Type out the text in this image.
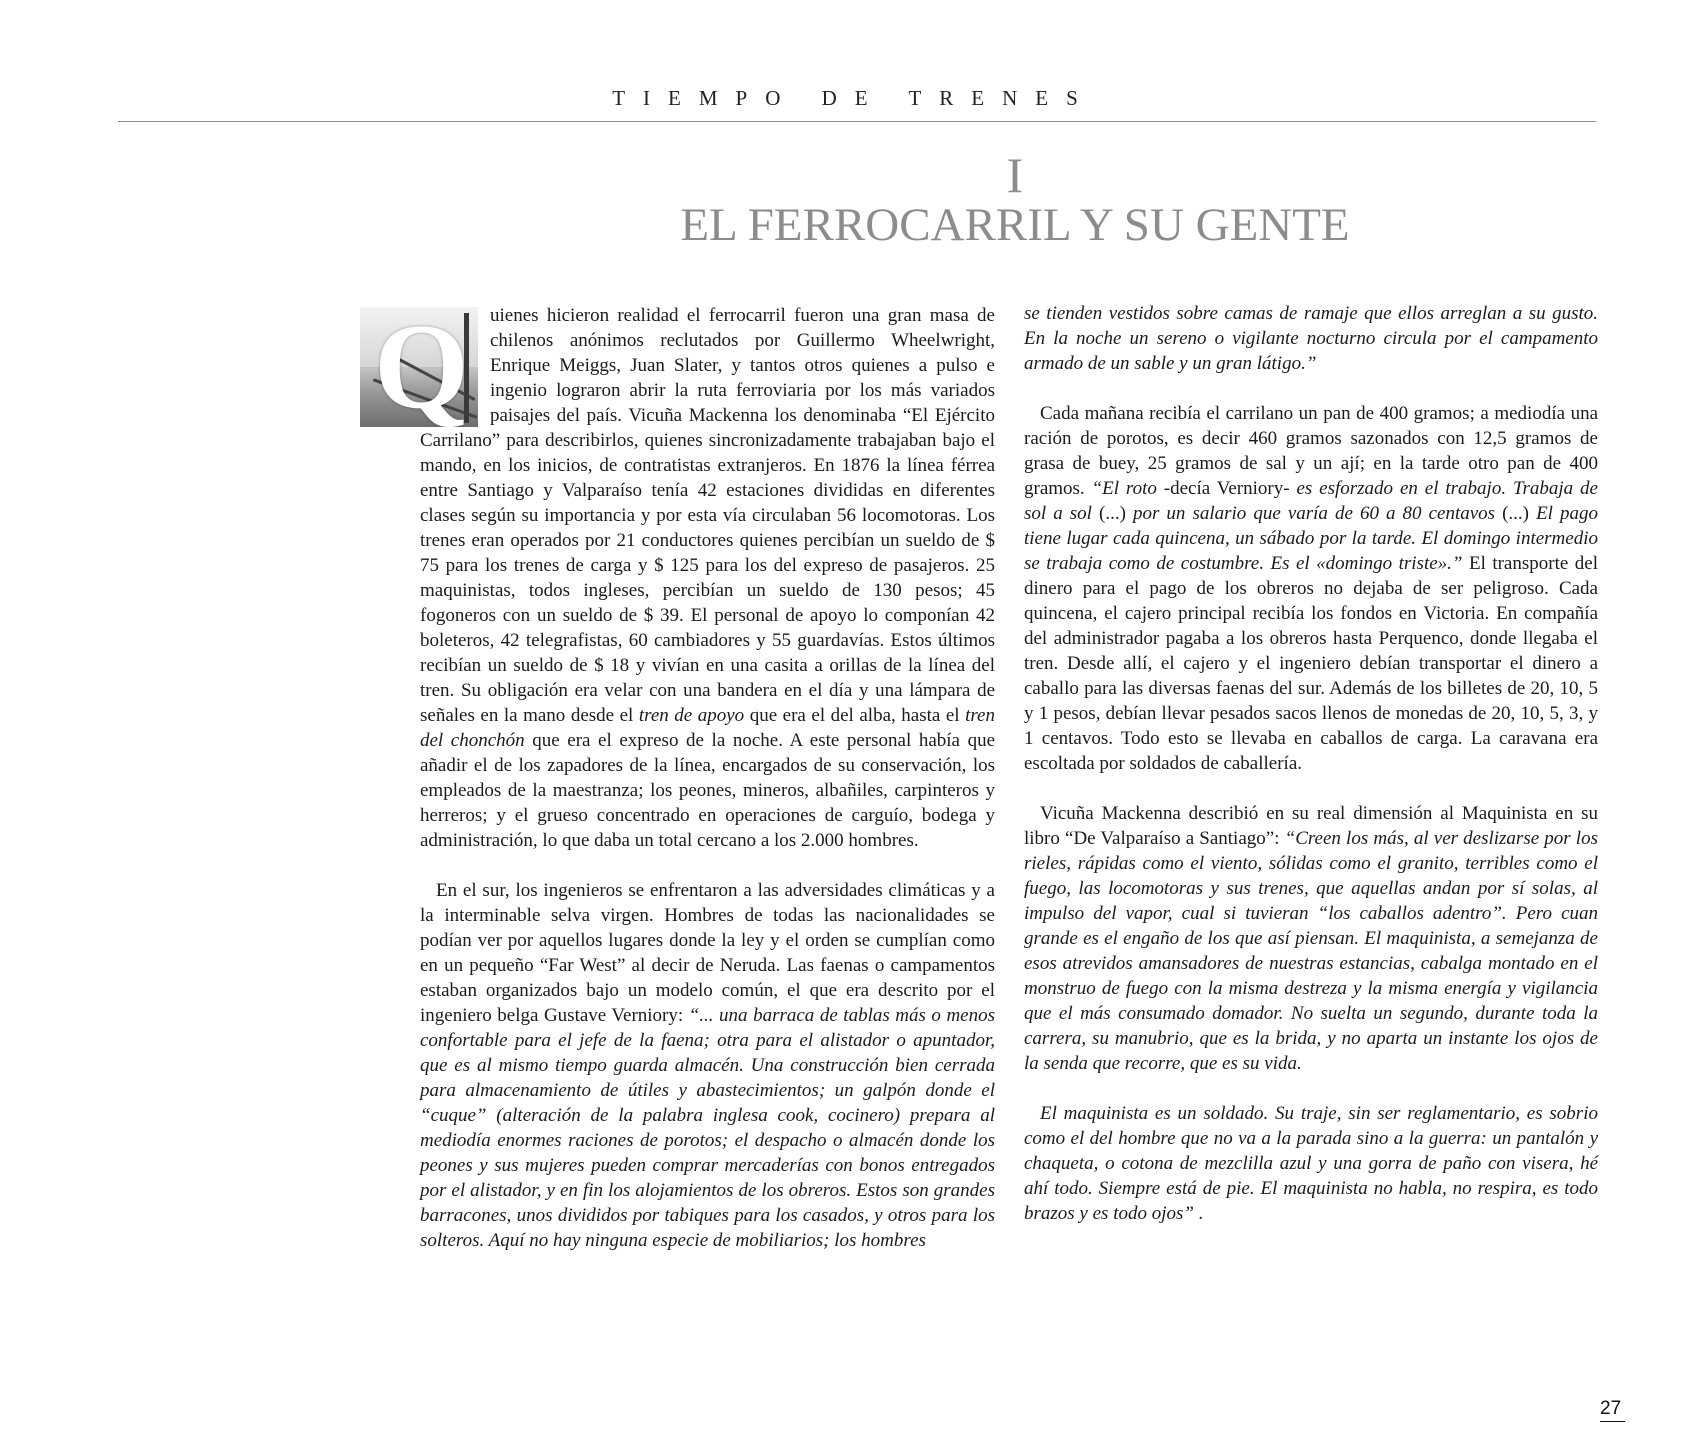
TIEMPO DE TRENES
I
EL FERROCARRIL Y SU GENTE

Q uienes hicieron realidad el ferrocarril fueron una gran masa de chilenos anónimos reclutados por Guillermo Wheelwright, Enrique Meiggs, Juan Slater, y tantos otros quienes a pulso e ingenio lograron abrir la ruta ferroviaria por los más variados paisajes del país. Vicuña Mackenna los denominaba “El Ejército Carrilano” para describirlos, quienes sincronizadamente trabajaban bajo el mando, en los inicios, de contratistas extranjeros. En 1876 la línea férrea entre Santiago y Valparaíso tenía 42 estaciones divididas en diferentes clases según su importancia y por esta vía circulaban 56 locomotoras. Los trenes eran operados por 21 conductores quienes percibían un sueldo de $ 75 para los trenes de carga y $ 125 para los del expreso de pasajeros. 25 maquinistas, todos ingleses, percibían un sueldo de 130 pesos; 45 fogoneros con un sueldo de $ 39. El personal de apoyo lo componían 42 boleteros, 42 telegrafistas, 60 cambiadores y 55 guardavías. Estos últimos recibían un sueldo de $ 18 y vivían en una casita a orillas de la línea del tren. Su obligación era velar con una bandera en el día y una lámpara de señales en la mano desde el tren de apoyo que era el del alba, hasta el tren del chonchón que era el expreso de la noche. A este personal había que añadir el de los zapadores de la línea, encargados de su conservación, los empleados de la maestranza; los peones, mineros, albañiles, carpinteros y herreros; y el grueso concentrado en operaciones de carguío, bodega y administración, lo que daba un total cercano a los 2.000 hombres.

En el sur, los ingenieros se enfrentaron a las adversidades climáticas y a la interminable selva virgen. Hombres de todas las nacionalidades se podían ver por aquellos lugares donde la ley y el orden se cumplían como en un pequeño “Far West” al decir de Neruda. Las faenas o campamentos estaban organizados bajo un modelo común, el que era descrito por el ingeniero belga Gustave Verniory: “... una barraca de tablas más o menos confortable para el jefe de la faena; otra para el alistador o apuntador, que es al mismo tiempo guarda almacén. Una construcción bien cerrada para almacenamiento de útiles y abastecimientos; un galpón donde el “cuque” (alteración de la palabra inglesa cook, cocinero) prepara al mediodía enormes raciones de porotos; el despacho o almacén donde los peones y sus mujeres pueden comprar mercaderías con bonos entregados por el alistador, y en fin los alojamientos de los obreros. Estos son grandes barracones, unos divididos por tabiques para los casados, y otros para los solteros. Aquí no hay ninguna especie de mobiliarios; los hombres

se tienden vestidos sobre camas de ramaje que ellos arreglan a su gusto. En la noche un sereno o vigilante nocturno circula por el campamento armado de un sable y un gran látigo.”

Cada mañana recibía el carrilano un pan de 400 gramos; a mediodía una ración de porotos, es decir 460 gramos sazonados con 12,5 gramos de grasa de buey, 25 gramos de sal y un ají; en la tarde otro pan de 400 gramos. “El roto -decía Verniory- es esforzado en el trabajo. Trabaja de sol a sol (...) por un salario que varía de 60 a 80 centavos (...) El pago tiene lugar cada quincena, un sábado por la tarde. El domingo intermedio se trabaja como de costumbre. Es el «domingo triste».” El transporte del dinero para el pago de los obreros no dejaba de ser peligroso. Cada quincena, el cajero principal recibía los fondos en Victoria. En compañía del administrador pagaba a los obreros hasta Perquenco, donde llegaba el tren. Desde allí, el cajero y el ingeniero debían transportar el dinero a caballo para las diversas faenas del sur. Además de los billetes de 20, 10, 5 y 1 pesos, debían llevar pesados sacos llenos de monedas de 20, 10, 5, 3, y 1 centavos. Todo esto se llevaba en caballos de carga. La caravana era escoltada por soldados de caballería.

Vicuña Mackenna describió en su real dimensión al Maquinista en su libro “De Valparaíso a Santiago”: “Creen los más, al ver deslizarse por los rieles, rápidas como el viento, sólidas como el granito, terribles como el fuego, las locomotoras y sus trenes, que aquellas andan por sí solas, al impulso del vapor, cual si tuvieran “los caballos adentro”. Pero cuan grande es el engaño de los que así piensan. El maquinista, a semejanza de esos atrevidos amansadores de nuestras estancias, cabalga montado en el monstruo de fuego con la misma destreza y la misma energía y vigilancia que el más consumado domador. No suelta un segundo, durante toda la carrera, su manubrio, que es la brida, y no aparta un instante los ojos de la senda que recorre, que es su vida.

El maquinista es un soldado. Su traje, sin ser reglamentario, es sobrio como el del hombre que no va a la parada sino a la guerra: un pantalón y chaqueta, o cotona de mezclilla azul y una gorra de paño con visera, hé ahí todo. Siempre está de pie. El maquinista no habla, no respira, es todo brazos y es todo ojos” .

27
